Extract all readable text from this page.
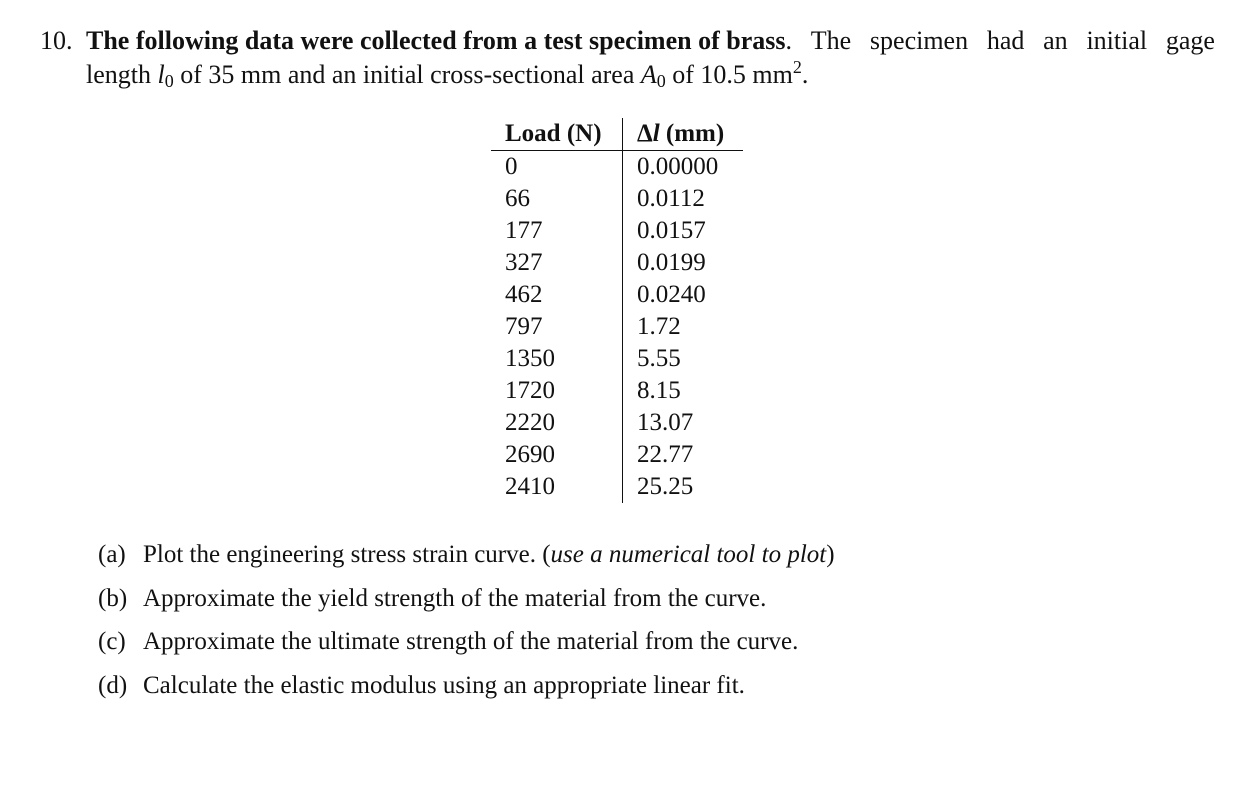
10. The following data were collected from a test specimen of brass. The specimen had an initial gage
length $l_0$ of 35 mm and an initial cross-sectional area $A_0$ of 10.5 $mm^2$.
Load (N)	Δl (mm)
0	0.00000
66	0.0112
177	0.0157
327	0.0199
462	0.0240
797	1.72
1350	5.55
1720	8.15
2220	13.07
2690	22.77
2410	25.25
(a) Plot the engineering stress strain curve. (use a numerical tool to plot)
(b) Approximate the yield strength of the material from the curve.
(c) Approximate the ultimate strength of the material from the curve.
(d) Calculate the elastic modulus using an appropriate linear fit.
